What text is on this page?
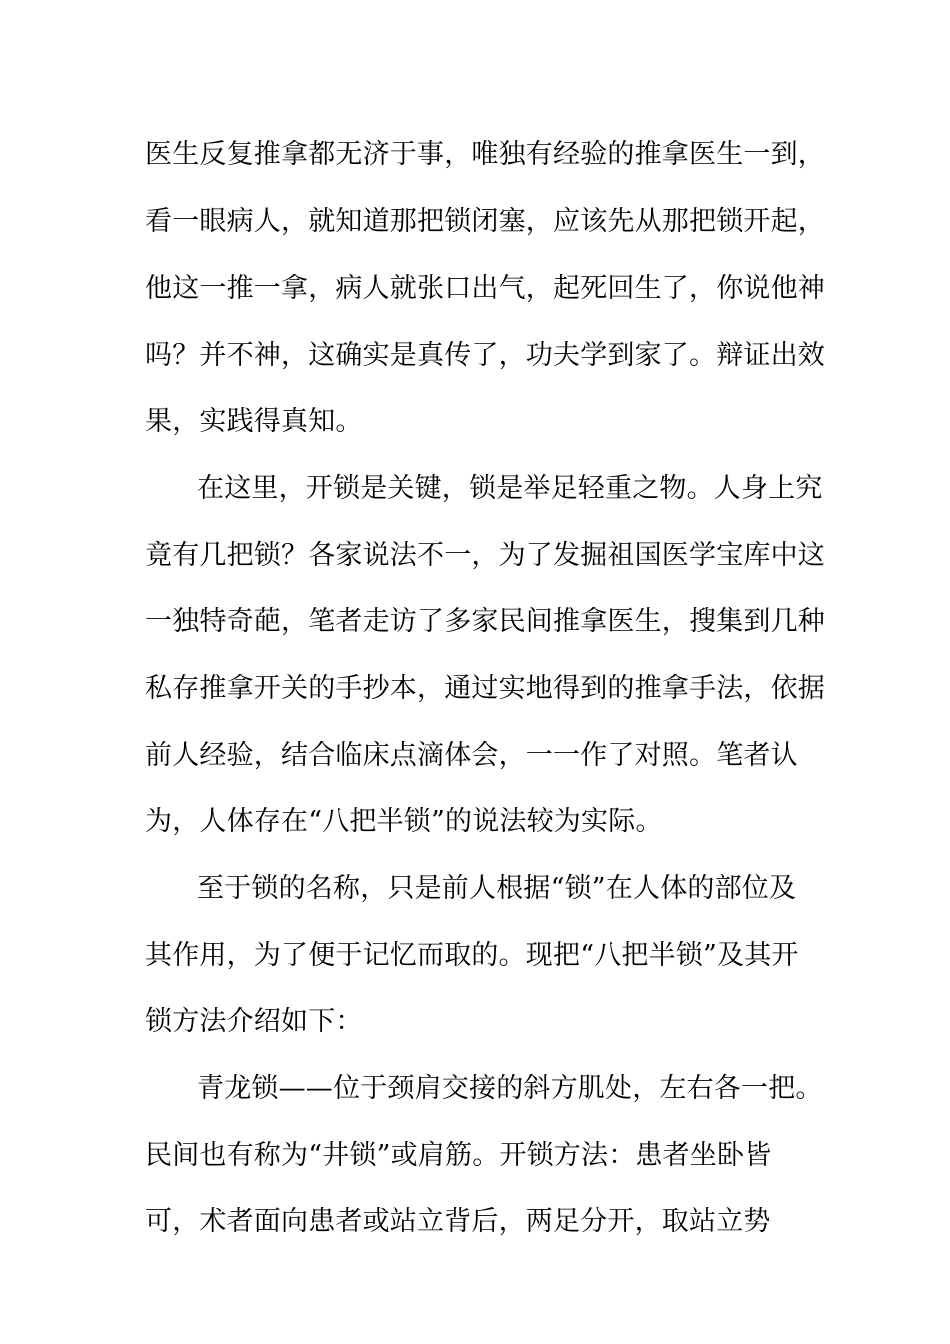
医生反复推拿都无济于事，唯独有经验的推拿医生一到，
看一眼病人，就知道那把锁闭塞，应该先从那把锁开起，
他这一推一拿，病人就张口出气，起死回生了，你说他神
吗？并不神，这确实是真传了，功夫学到家了。辩证出效
果，实践得真知。
在这里，开锁是关键，锁是举足轻重之物。人身上究
竟有几把锁？各家说法不一，为了发掘祖国医学宝库中这
一独特奇葩，笔者走访了多家民间推拿医生，搜集到几种
私存推拿开关的手抄本，通过实地得到的推拿手法，依据
前人经验，结合临床点滴体会，一一作了对照。笔者认
为，人体存在“八把半锁”的说法较为实际。
至于锁的名称，只是前人根据“锁”在人体的部位及
其作用，为了便于记忆而取的。现把“八把半锁”及其开
锁方法介绍如下：
青龙锁——位于颈肩交接的斜方肌处，左右各一把。
民间也有称为“井锁”或肩筋。开锁方法：患者坐卧皆
可，术者面向患者或站立背后，两足分开，取站立势
